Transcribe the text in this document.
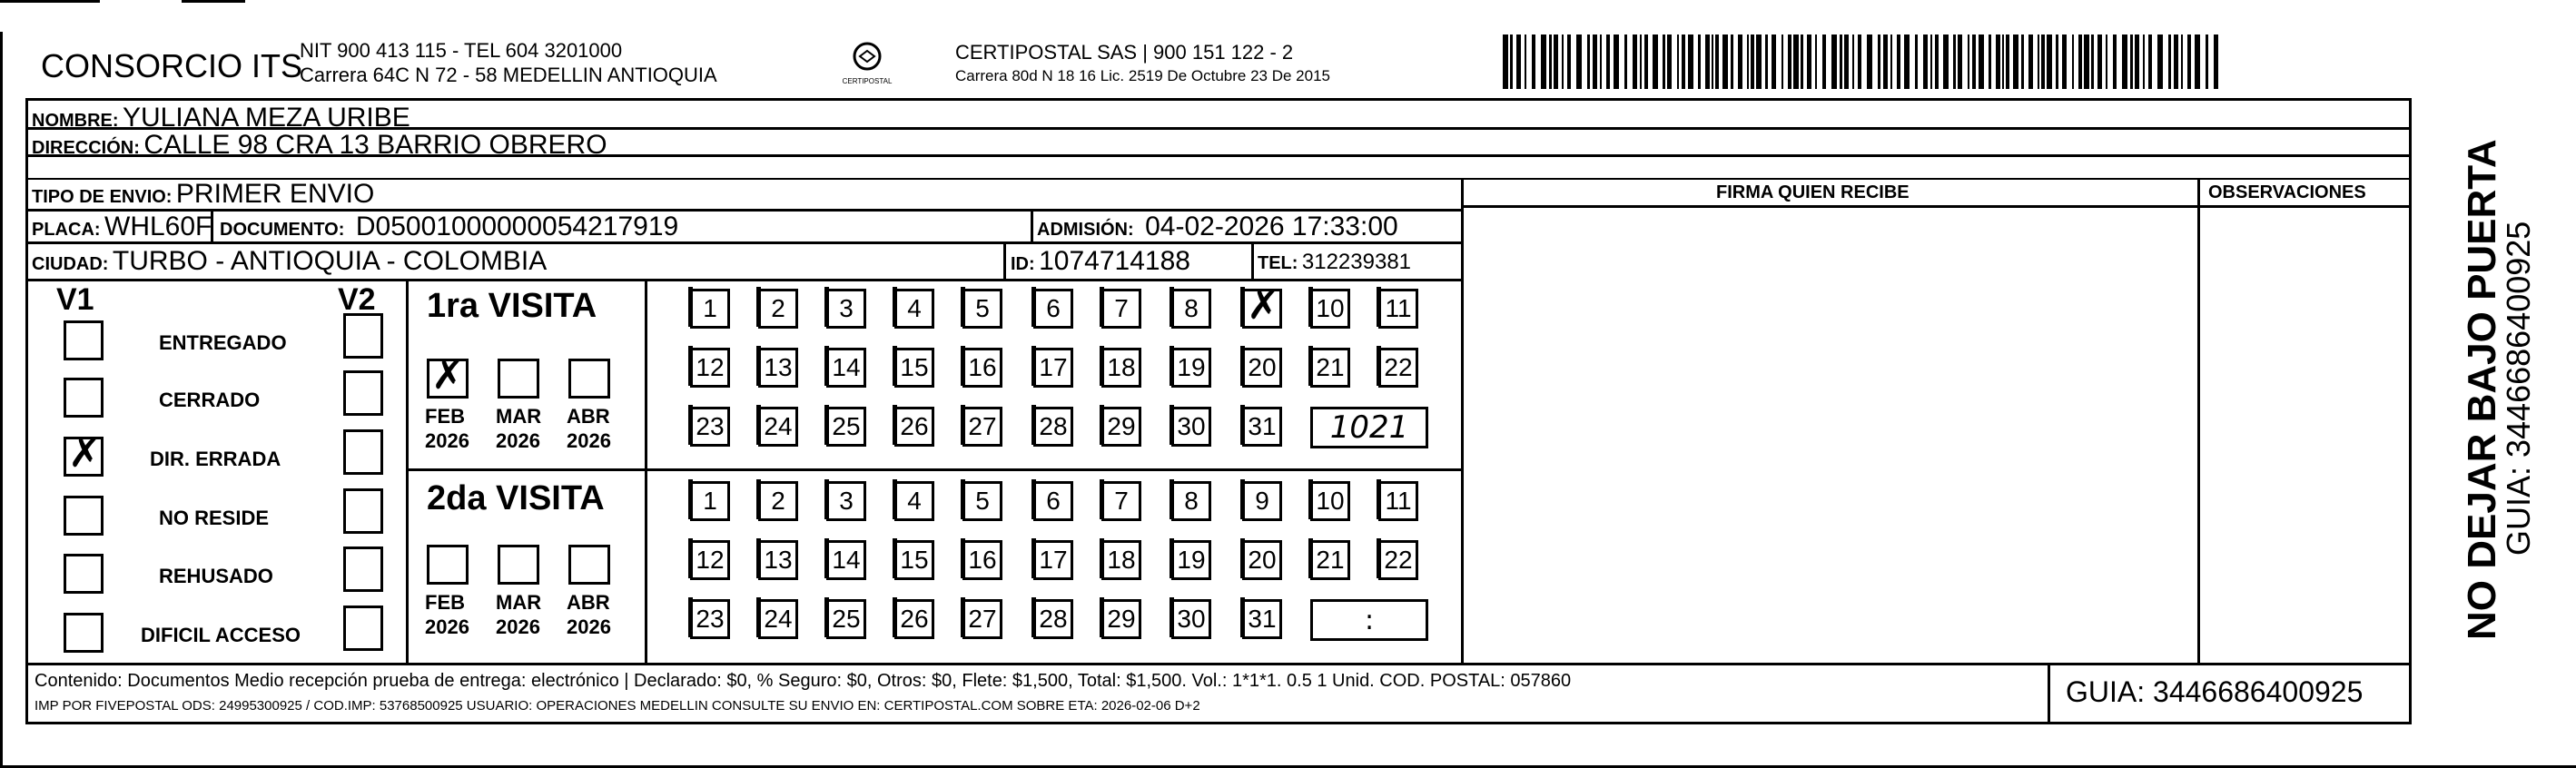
CONSORCIO ITS
NIT 900 413 115 - TEL 604 3201000
Carrera 64C N 72 - 58 MEDELLIN ANTIOQUIA	CERTIPOSTAL
CERTIPOSTAL SAS | 900 151 122 - 2
Carrera 80d N 18 16 Lic. 2519 De Octubre 23 De 2015
NOMBRE: YULIANA MEZA URIBE
DIRECCIÓN: CALLE 98 CRA 13 BARRIO OBRERO
TIPO DE ENVIO: PRIMER ENVIO	FIRMA QUIEN RECIBE	OBSERVACIONES
PLACA: WHL60F DOCUMENTO: D05001000000054217919	ADMISIÓN: 04-02-2026 17:33:00
CIUDAD: TURBO - ANTIOQUIA - COLOMBIA	ID: 1074714188	TEL: 312239381
V1	V2
ENTREGADO
CERRADO
✗ DIR. ERRADA
NO RESIDE
REHUSADO
DIFICIL ACCESO
1ra VISITA
2da VISITA
✗
FEB
2026
MAR
2026
ABR
2026
FEB
2026
MAR
2026
ABR
2026
1	2	3	4	5	6	7	8	✗ 10 11
12 13 14 15 16 17 18 19 20 21 22
23 24 25 26 27 28 29 30 31	1021
1	2	3	4	5	6	7	8	9	10 11
12 13 14 15 16 17 18 19 20 21 22
23 24 25 26 27 28 29 30 31	:
Contenido: Documentos Medio recepción prueba de entrega: electrónico | Declarado: $0, % Seguro: $0, Otros: $0, Flete: $1,500, Total: $1,500. Vol.: 1*1*1. 0.5 1 Unid. COD. POSTAL: 057860
IMP POR FIVEPOSTAL ODS: 24995300925 / COD.IMP: 53768500925 USUARIO: OPERACIONES MEDELLIN CONSULTE SU ENVIO EN: CERTIPOSTAL.COM SOBRE ETA: 2026-02-06 D+2	GUIA: 3446686400925
NO DEJAR BAJO PUERTA
GUIA: 3446686400925
